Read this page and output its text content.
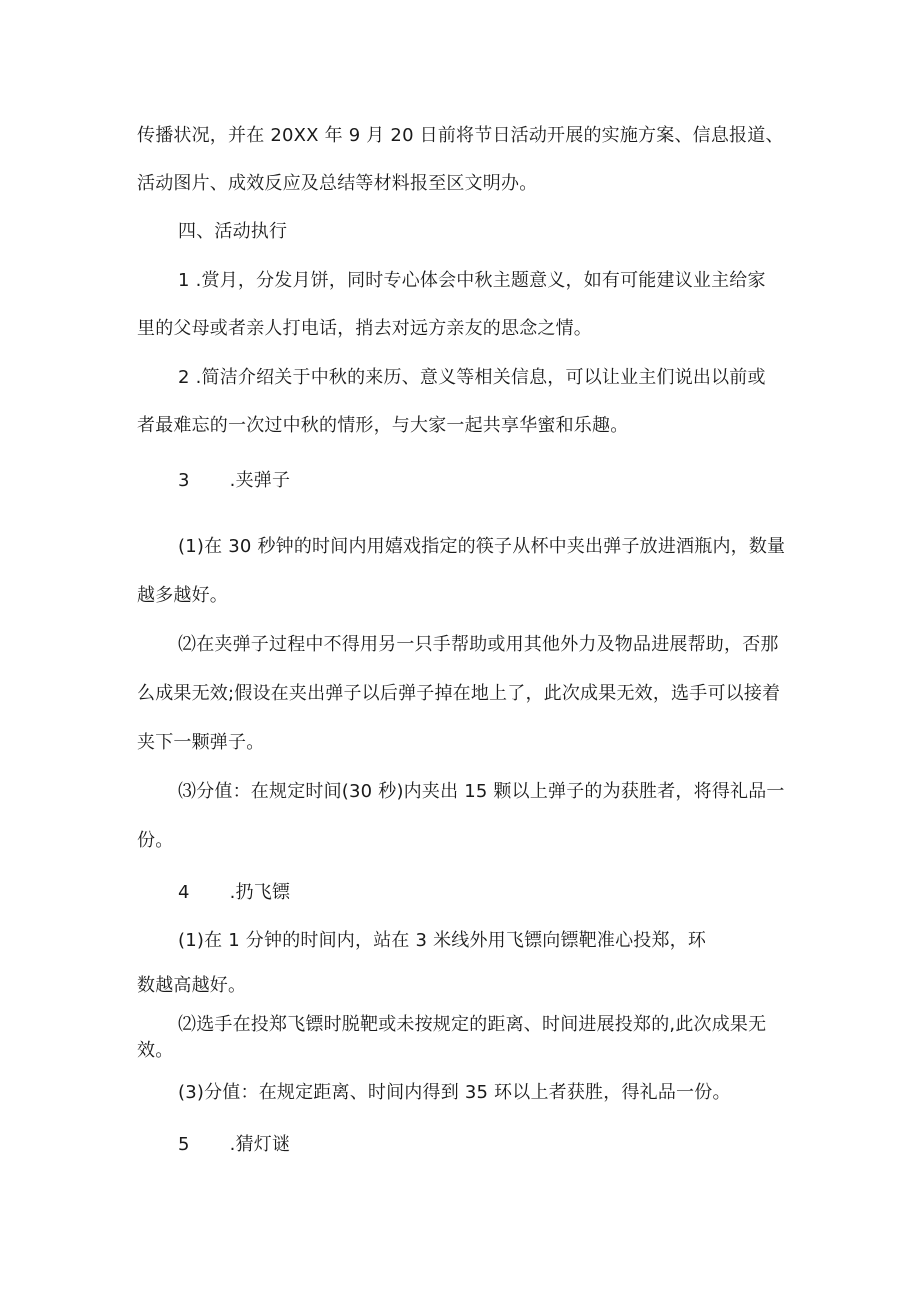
传播状况，并在 20XX 年 9 月 20 日前将节日活动开展的实施方案、信息报道、
活动图片、成效反应及总结等材料报至区文明办。
四、活动执行
1 .赏月，分发月饼，同时专心体会中秋主题意义，如有可能建议业主给家
里的父母或者亲人打电话，捎去对远方亲友的思念之情。
2 .简洁介绍关于中秋的来历、意义等相关信息，可以让业主们说出以前或
者最难忘的一次过中秋的情形，与大家一起共享华蜜和乐趣。
3 .夹弹子
(1)在 30 秒钟的时间内用嬉戏指定的筷子从杯中夹出弹子放进酒瓶内，数量
越多越好。
⑵在夹弹子过程中不得用另一只手帮助或用其他外力及物品进展帮助，否那
么成果无效;假设在夹出弹子以后弹子掉在地上了，此次成果无效，选手可以接着
夹下一颗弹子。
⑶分值：在规定时间(30 秒)内夹出 15 颗以上弹子的为获胜者，将得礼品一
份。
4 .扔飞镖
(1)在 1 分钟的时间内，站在 3 米线外用飞镖向镖靶准心投郑，环
数越高越好。
⑵选手在投郑飞镖时脱靶或未按规定的距离、时间进展投郑的,此次成果无
效。
(3)分值：在规定距离、时间内得到 35 环以上者获胜，得礼品一份。
5 .猜灯谜
